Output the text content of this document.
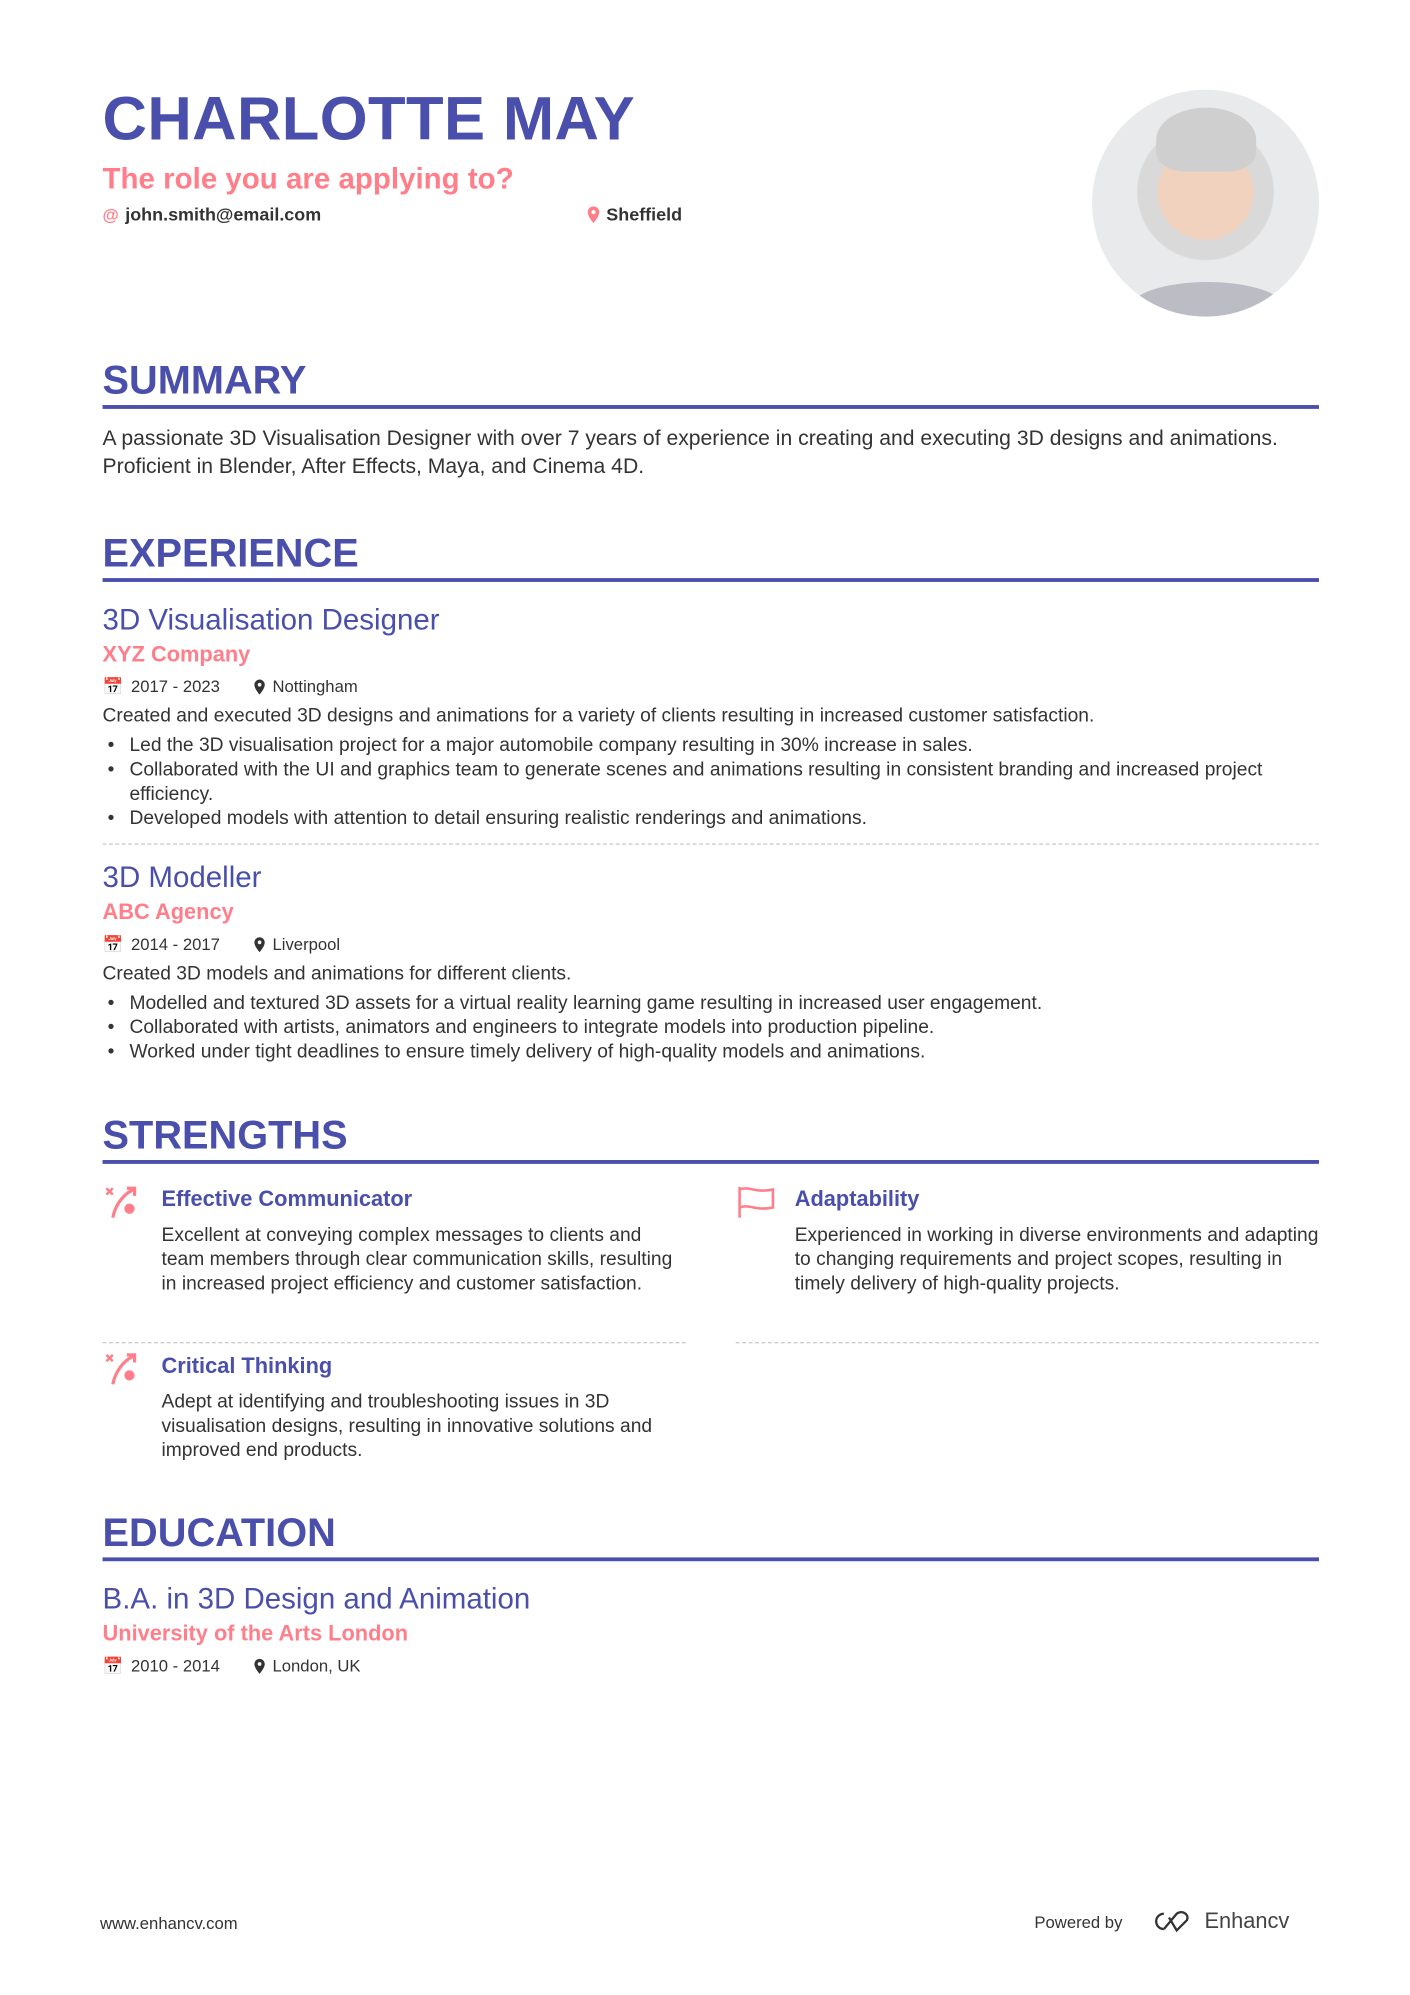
CHARLOTTE MAY
The role you are applying to?
@ john.smith@email.com	Sheffield
SUMMARY

A passionate 3D Visualisation Designer with over 7 years of experience in creating and executing 3D designs and animations. Proficient in Blender, After Effects, Maya, and Cinema 4D.

EXPERIENCE
3D Visualisation Designer
XYZ Company
📅 2017 - 2023	Nottingham
Created and executed 3D designs and animations for a variety of clients resulting in increased customer satisfaction.
• Led the 3D visualisation project for a major automobile company resulting in 30% increase in sales.
• Collaborated with the UI and graphics team to generate scenes and animations resulting in consistent branding and increased project efficiency.
• Developed models with attention to detail ensuring realistic renderings and animations.
3D Modeller
ABC Agency
📅 2014 - 2017	Liverpool
Created 3D models and animations for different clients.
• Modelled and textured 3D assets for a virtual reality learning game resulting in increased user engagement.
• Collaborated with artists, animators and engineers to integrate models into production pipeline.
• Worked under tight deadlines to ensure timely delivery of high-quality models and animations.
STRENGTHS
Effective Communicator

Excellent at conveying complex messages to clients and team members through clear communication skills, resulting in increased project efficiency and customer satisfaction.

Adaptability

Experienced in working in diverse environments and adapting to changing requirements and project scopes, resulting in timely delivery of high-quality projects.

Critical Thinking

Adept at identifying and troubleshooting issues in 3D visualisation designs, resulting in innovative solutions and improved end products.

EDUCATION
B.A. in 3D Design and Animation
University of the Arts London
📅 2010 - 2014	London, UK
www.enhancv.com	Powered by	Enhancv
